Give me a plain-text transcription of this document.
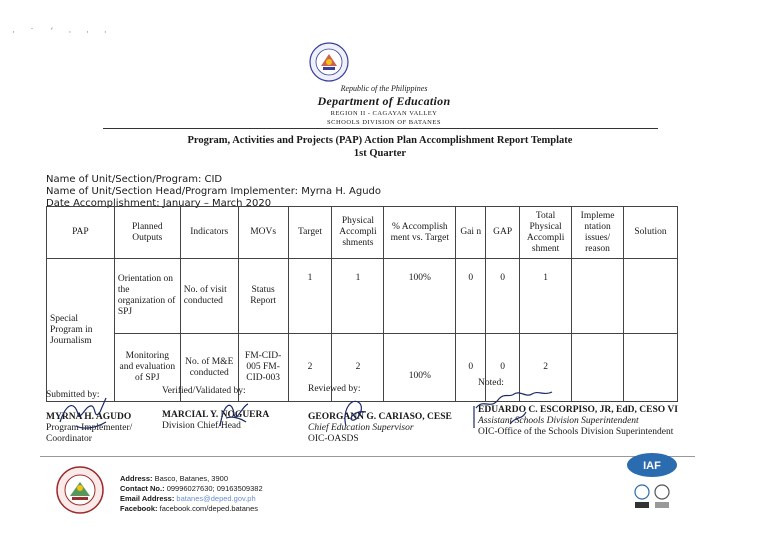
· ˙ ´ · · ·
Republic of the Philippines
Department of Education
REGION II - CAGAYAN VALLEY
SCHOOLS DIVISION OF BATANES
Program, Activities and Projects (PAP) Action Plan Accomplishment Report Template
1st Quarter
Name of Unit/Section/Program: CID
Name of Unit/Section Head/Program Implementer: Myrna H. Agudo
Date Accomplishment: January – March 2020
PAP	Planned Outputs	Indicators	MOVs	Target	Physical Accompli shments	% Accomplish ment vs. Target	Gai n	GAP	Total Physical Accompli shment	Impleme ntation issues/ reason	Solution
Special Program in Journalism	Orientation on the organization of SPJ	No. of visit conducted	Status Report	1	1	100%	0	0	1		
	Monitoring and evaluation of SPJ	No. of M&E conducted	FM-CID-005 FM-CID-003	2	2	100%	0	0	2		
Submitted by:
MYRNA H. AGUDO
Program Implementer/
Coordinator
Verified/Validated by:
MARCIAL Y. NOGUERA
Division Chief/Head
Reviewed by:
GEORGANN G. CARIASO, CESE
Chief Education Supervisor
OIC-OASDS
Noted:
EDUARDO C. ESCORPISO, JR, EdD, CESO VI
Assistant Schools Division Superintendent
OIC-Office of the Schools Division Superintendent
Address: Basco, Batanes, 3900
Contact No.: 09996027630; 09163509382
Email Address: batanes@deped.gov.ph
Facebook: facebook.com/deped.batanes
IAF
